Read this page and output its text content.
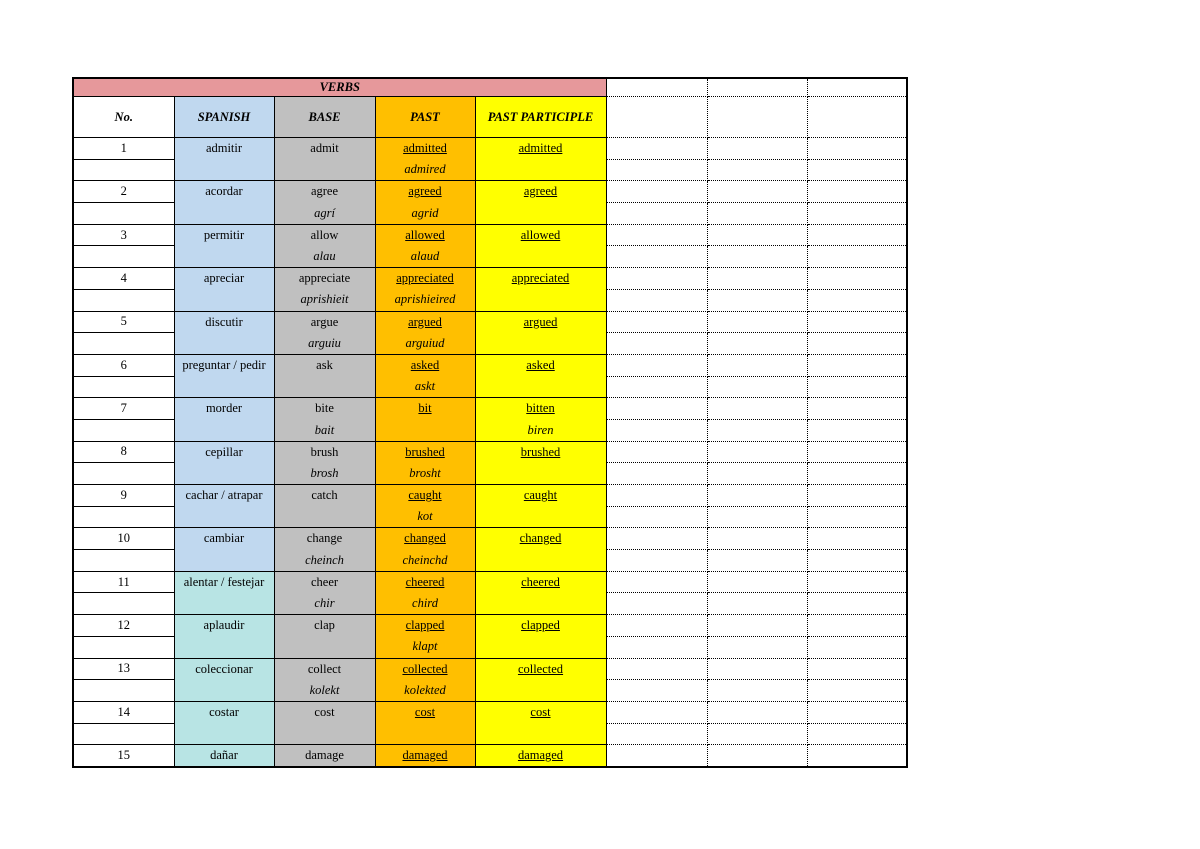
VERBS							
No.	SPANISH	BASE	PAST	PAST PARTICIPLE			
1	admitir	admit	admitted	admitted			
			admired				
2	acordar	agree	agreed	agreed			
		agrí	agrid				
3	permitir	allow	allowed	allowed			
		alau	alaud				
4	apreciar	appreciate	appreciated	appreciated			
		aprishieit	aprishieired				
5	discutir	argue	argued	argued			
		arguiu	arguiud				
6	preguntar / pedir	ask	asked	asked			
			askt				
7	morder	bite	bit	bitten			
		bait		biren			
8	cepillar	brush	brushed	brushed			
		brosh	brosht				
9	cachar / atrapar	catch	caught	caught			
			kot				
10	cambiar	change	changed	changed			
		cheinch	cheinchd				
11	alentar / festejar	cheer	cheered	cheered			
		chir	chird				
12	aplaudir	clap	clapped	clapped			
			klapt				
13	coleccionar	collect	collected	collected			
		kolekt	kolekted				
14	costar	cost	cost	cost			

15	dañar	damage	damaged	damaged			
